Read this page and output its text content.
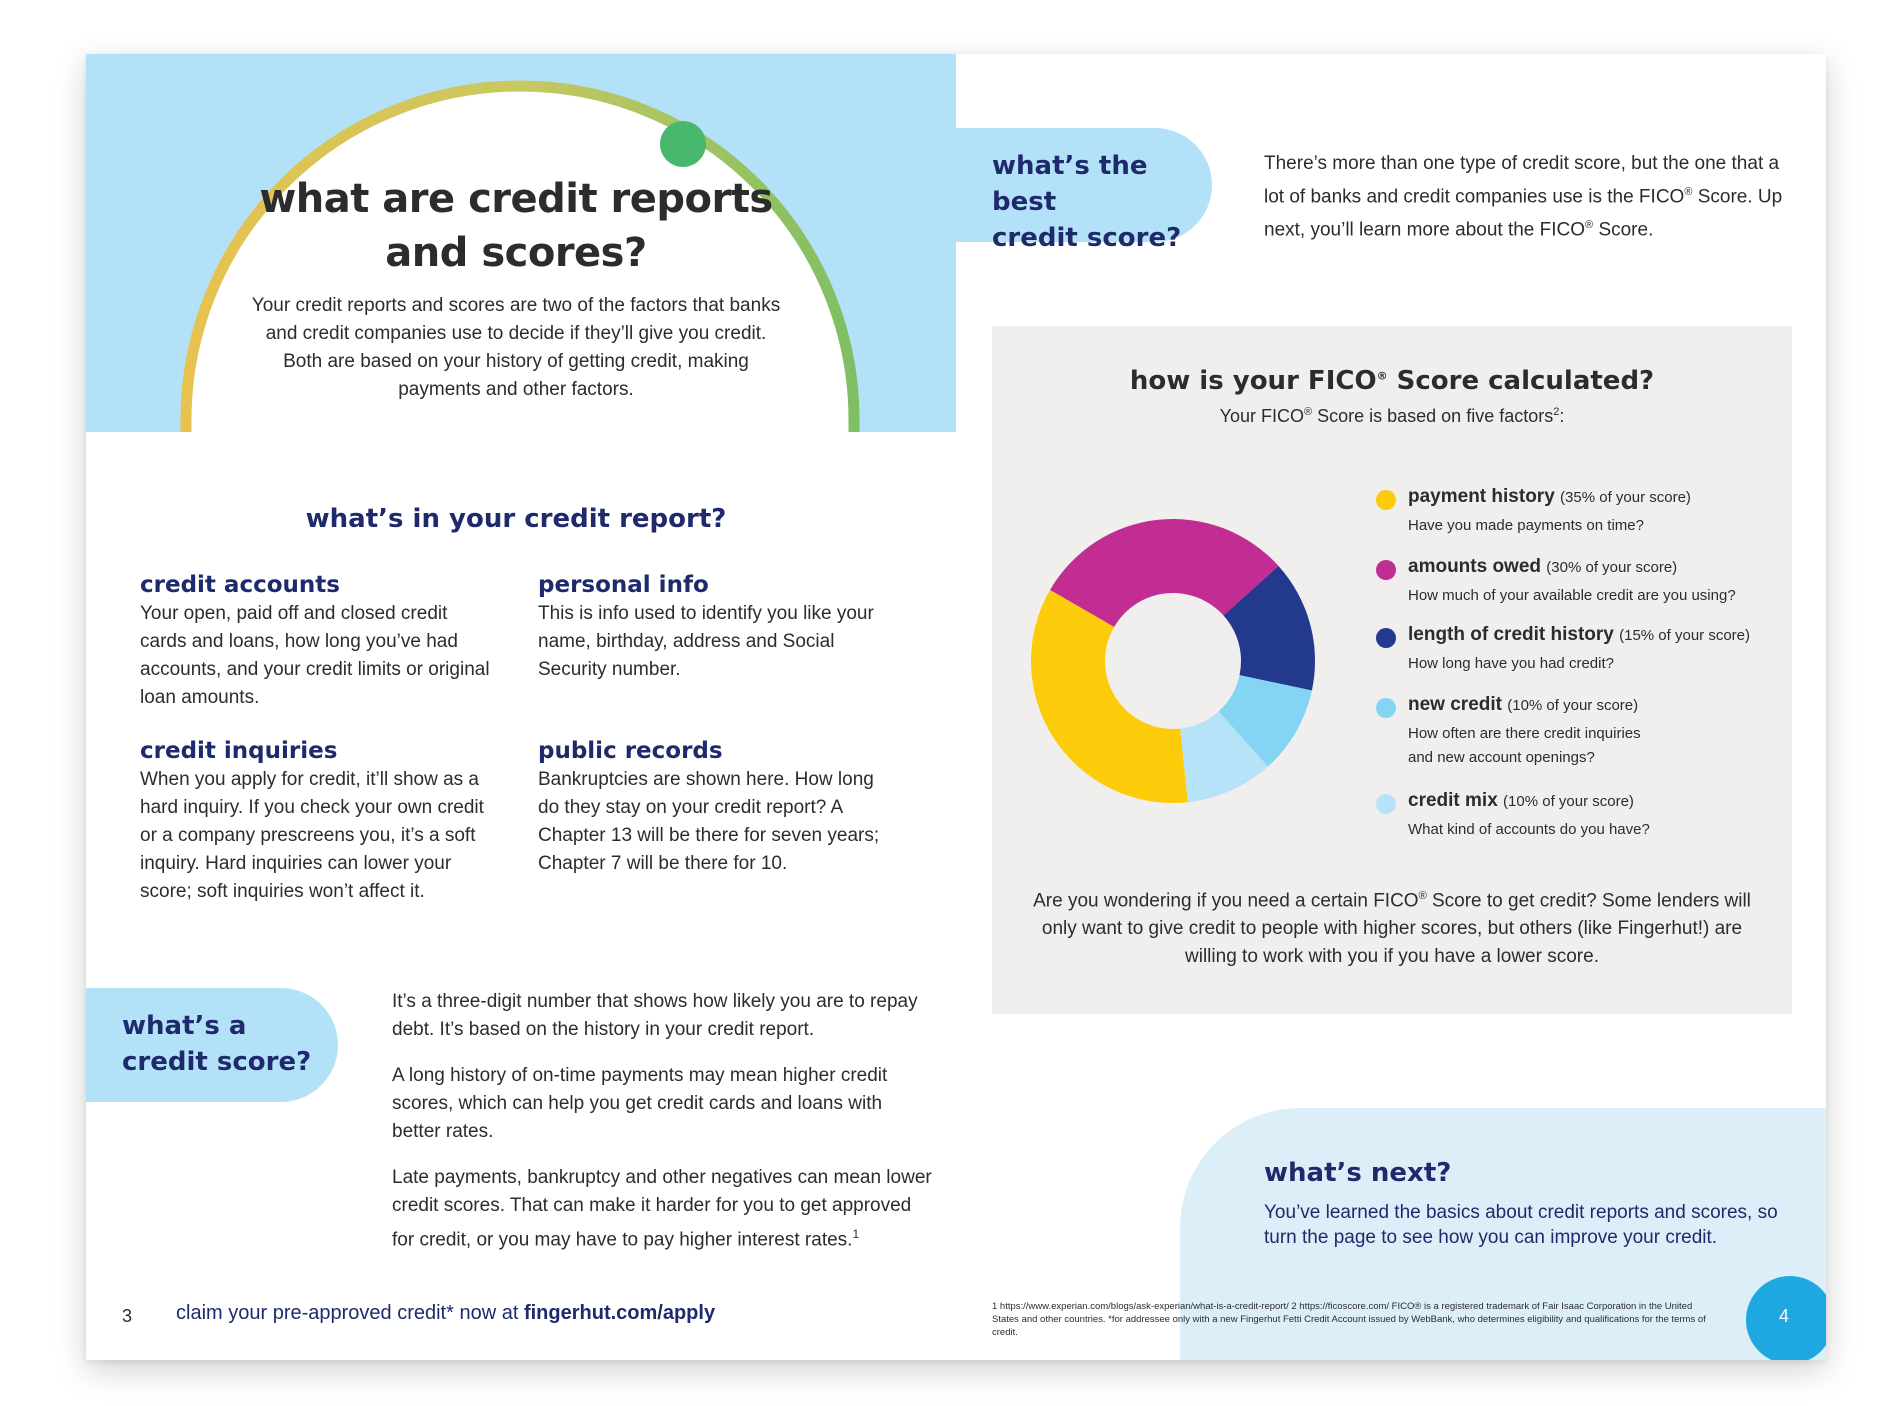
what are credit reports and scores?
Your credit reports and scores are two of the factors that banks and credit companies use to decide if they’ll give you credit. Both are based on your history of getting credit, making payments and other factors.
what’s in your credit report?
credit accounts

Your open, paid off and closed credit cards and loans, how long you’ve had accounts, and your credit limits or original loan amounts.

personal info

This is info used to identify you like your name, birthday, address and Social Security number.

credit inquiries

When you apply for credit, it’ll show as a hard inquiry. If you check your own credit or a company prescreens you, it’s a soft inquiry. Hard inquiries can lower your score; soft inquiries won’t affect it.

public records

Bankruptcies are shown here. How long do they stay on your credit report? A Chapter 13 will be there for seven years; Chapter 7 will be there for 10.

what’s a
credit score?

It’s a three-digit number that shows how likely you are to repay debt. It’s based on the history in your credit report.

A long history of on-time payments may mean higher credit scores, which can help you get credit cards and loans with better rates.

Late payments, bankruptcy and other negatives can mean lower credit scores. That can make it harder for you to get approved for credit, or you may have to pay higher interest rates.$^1$

3 claim your pre-approved credit* now at fingerhut.com/apply
what’s the best
credit score?
There’s more than one type of credit score, but the one that a lot of banks and credit companies use is the FICO® Score. Up next, you’ll learn more about the FICO® Score.
how is your FICO® Score calculated?
Your FICO® Score is based on five factors$^2$:
payment history (35% of your score)
Have you made payments on time?
amounts owed (30% of your score)
How much of your available credit are you using?
length of credit history (15% of your score)
How long have you had credit?
new credit (10% of your score)
How often are there credit inquiries and new account openings?
credit mix (10% of your score)
What kind of accounts do you have?
Are you wondering if you need a certain FICO® Score to get credit? Some lenders will only want to give credit to people with higher scores, but others (like Fingerhut!) are willing to work with you if you have a lower score.
what’s next?
You’ve learned the basics about credit reports and scores, so turn the page to see how you can improve your credit.
1 https://www.experian.com/blogs/ask-experian/what-is-a-credit-report/ 2 https://ficoscore.com/ FICO® is a registered trademark of Fair Isaac Corporation in the United States and other countries. *for addressee only with a new Fingerhut Fetti Credit Account issued by WebBank, who determines eligibility and qualifications for the terms of credit.
4
